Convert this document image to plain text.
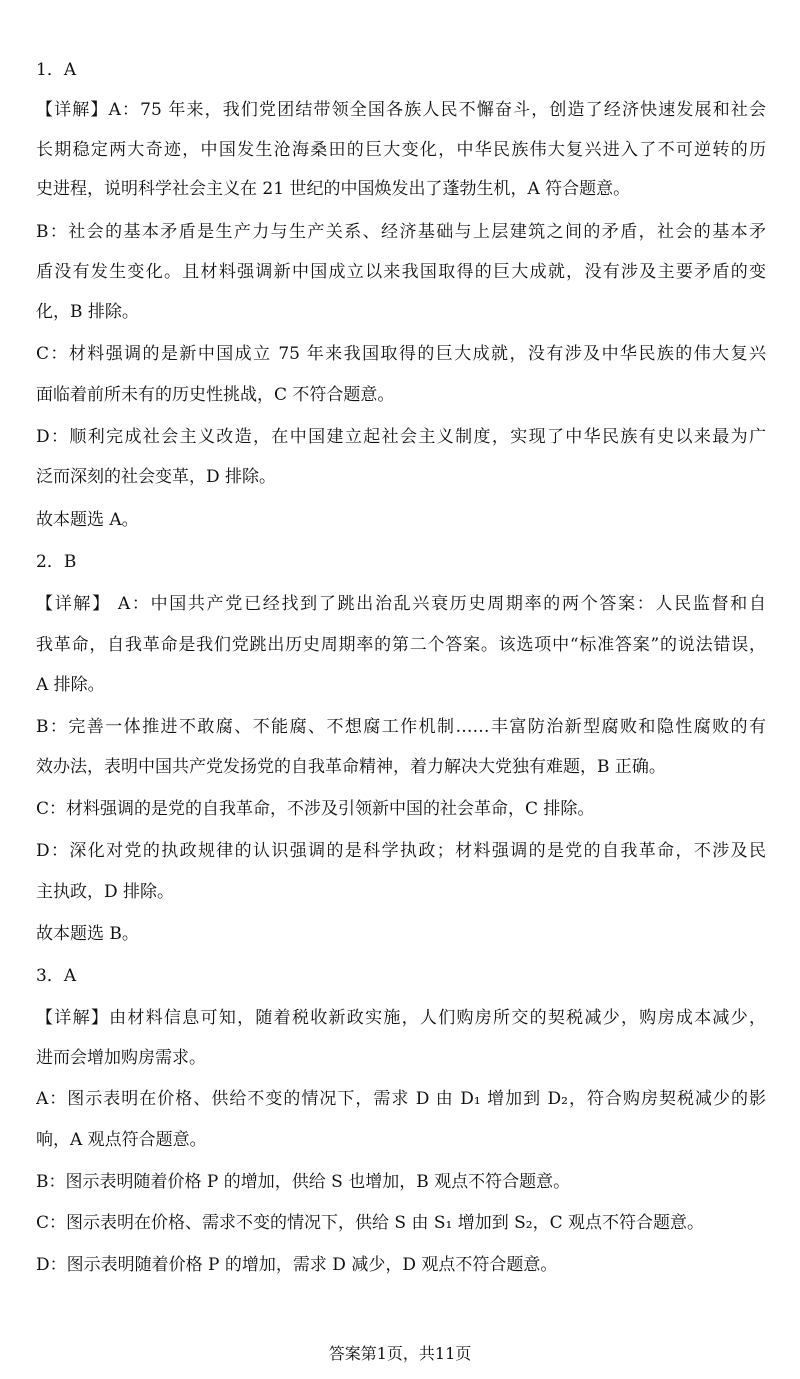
1．A
【详解】A：75 年来，我们党团结带领全国各族人民不懈奋斗，创造了经济快速发展和社会
长期稳定两大奇迹，中国发生沧海桑田的巨大变化，中华民族伟大复兴进入了不可逆转的历
史进程，说明科学社会主义在 21 世纪的中国焕发出了蓬勃生机，A 符合题意。
B：社会的基本矛盾是生产力与生产关系、经济基础与上层建筑之间的矛盾，社会的基本矛
盾没有发生变化。且材料强调新中国成立以来我国取得的巨大成就，没有涉及主要矛盾的变
化，B 排除。
C：材料强调的是新中国成立 75 年来我国取得的巨大成就，没有涉及中华民族的伟大复兴
面临着前所未有的历史性挑战，C 不符合题意。
D：顺利完成社会主义改造，在中国建立起社会主义制度，实现了中华民族有史以来最为广
泛而深刻的社会变革，D 排除。
故本题选 A。
2．B
【详解】 A：中国共产党已经找到了跳出治乱兴衰历史周期率的两个答案：人民监督和自
我革命，自我革命是我们党跳出历史周期率的第二个答案。该选项中“标准答案”的说法错误，
A 排除。
B：完善一体推进不敢腐、不能腐、不想腐工作机制……丰富防治新型腐败和隐性腐败的有
效办法，表明中国共产党发扬党的自我革命精神，着力解决大党独有难题，B 正确。
C：材料强调的是党的自我革命，不涉及引领新中国的社会革命，C 排除。
D：深化对党的执政规律的认识强调的是科学执政；材料强调的是党的自我革命，不涉及民
主执政，D 排除。
故本题选 B。
3．A
【详解】由材料信息可知，随着税收新政实施，人们购房所交的契税减少，购房成本减少，
进而会增加购房需求。
A：图示表明在价格、供给不变的情况下，需求 D 由 D₁ 增加到 D₂，符合购房契税减少的影
响，A 观点符合题意。
B：图示表明随着价格 P 的增加，供给 S 也增加，B 观点不符合题意。
C：图示表明在价格、需求不变的情况下，供给 S 由 S₁ 增加到 S₂，C 观点不符合题意。
D：图示表明随着价格 P 的增加，需求 D 减少，D 观点不符合题意。
答案第1页，共11页
